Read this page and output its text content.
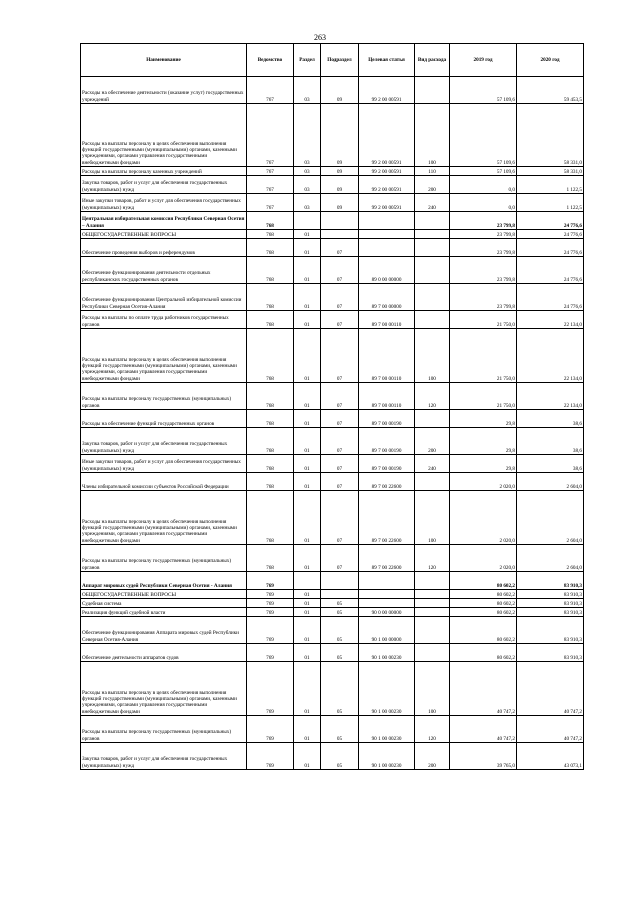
263
Наименование	Ведомство	Раздел	Подраздел	Целевая статья	Вид расхода	2019 год	2020 год
Расходы на обеспечение деятельности (оказание услуг) государственных учреждений	767	03	09	99 2 00 00591		57 109,6	59 453,5
Расходы на выплаты персоналу в целях обеспечения выполнения функций государственными (муниципальными) органами, казенными учреждениями, органами управления государственными внебюджетными фондами	767	03	09	99 2 00 00591	100	57 109,6	58 331,0
Расходы на выплаты персоналу казенных учреждений	767	03	09	99 2 00 00591	110	57 109,6	58 331,0
Закупка товаров, работ и услуг для обеспечения государственных (муниципальных) нужд	767	03	09	99 2 00 00591	200	0,0	1 122,5
Иные закупки товаров, работ и услуг для обеспечения государственных (муниципальных) нужд	767	03	09	99 2 00 00591	240	0,0	1 122,5
Центральная избирательная комиссия Республики Северная Осетия – Алания	768					23 799,8	24 776,6
ОБЩЕГОСУДАРСТВЕННЫЕ ВОПРОСЫ	768	01				23 799,8	24 776,6
Обеспечение проведения выборов и референдумов	768	01	07			23 799,8	24 776,6
Обеспечение функционирования деятельности отдельных республиканских государственных органов	768	01	07	89 0 00 00000		23 799,8	24 776,6
Обеспечение функционирования Центральной избирательной комиссии Республики Северная Осетия-Алания	768	01	07	89 7 00 00000		23 799,8	24 776,6
Расходы на выплаты по оплате труда работников государственных органов	768	01	07	89 7 00 00110		21 750,0	22 134,0
Расходы на выплаты персоналу в целях обеспечения выполнения функций государственными (муниципальными) органами, казенными учреждениями, органами управления государственными внебюджетными фондами	768	01	07	89 7 00 00110	100	21 750,0	22 134,0
Расходы на выплаты персоналу государственных (муниципальных) органов	768	01	07	89 7 00 00110	120	21 750,0	22 134,0
Расходы на обеспечение функций государственных органов	768	01	07	89 7 00 00190		29,8	38,6
Закупка товаров, работ и услуг для обеспечения государственных (муниципальных) нужд	768	01	07	89 7 00 00190	200	29,8	38,6
Иные закупки товаров, работ и услуг для обеспечения государственных (муниципальных) нужд	768	01	07	89 7 00 00190	240	29,8	38,6
Члены избирательной комиссии субъектов Российской Федерации	768	01	07	89 7 00 22600		2 020,0	2 604,0
Расходы на выплаты персоналу в целях обеспечения выполнения функций государственными (муниципальными) органами, казенными учреждениями, органами управления государственными внебюджетными фондами	768	01	07	89 7 00 22600	100	2 020,0	2 604,0
Расходы на выплаты персоналу государственных (муниципальных) органов	768	01	07	89 7 00 22600	120	2 020,0	2 604,0
Аппарат мировых судей Республики Северная Осетия - Алания	769					80 602,2	83 910,3
ОБЩЕГОСУДАРСТВЕННЫЕ ВОПРОСЫ	769	01				80 602,2	83 910,3
Судебная система	769	01	05			80 602,2	83 910,3
Реализация функций судебной власти	769	01	05	90 0 00 00000		80 602,2	83 910,3
Обеспечение функционирования Аппарата мировых судей Республики Северная Осетия-Алания	769	01	05	90 1 00 00000		80 602,2	83 910,3
Обеспечение деятельности аппаратов судов	769	01	05	90 1 00 00230		80 602,2	83 910,3
Расходы на выплаты персоналу в целях обеспечения выполнения функций государственными (муниципальными) органами, казенными учреждениями, органами управления государственными внебюджетными фондами	769	01	05	90 1 00 00230	100	40 747,2	40 747,2
Расходы на выплаты персоналу государственных (муниципальных) органов	769	01	05	90 1 00 00230	120	40 747,2	40 747,2
Закупка товаров, работ и услуг для обеспечения государственных (муниципальных) нужд	769	01	05	90 1 00 00230	200	39 765,0	43 073,1
